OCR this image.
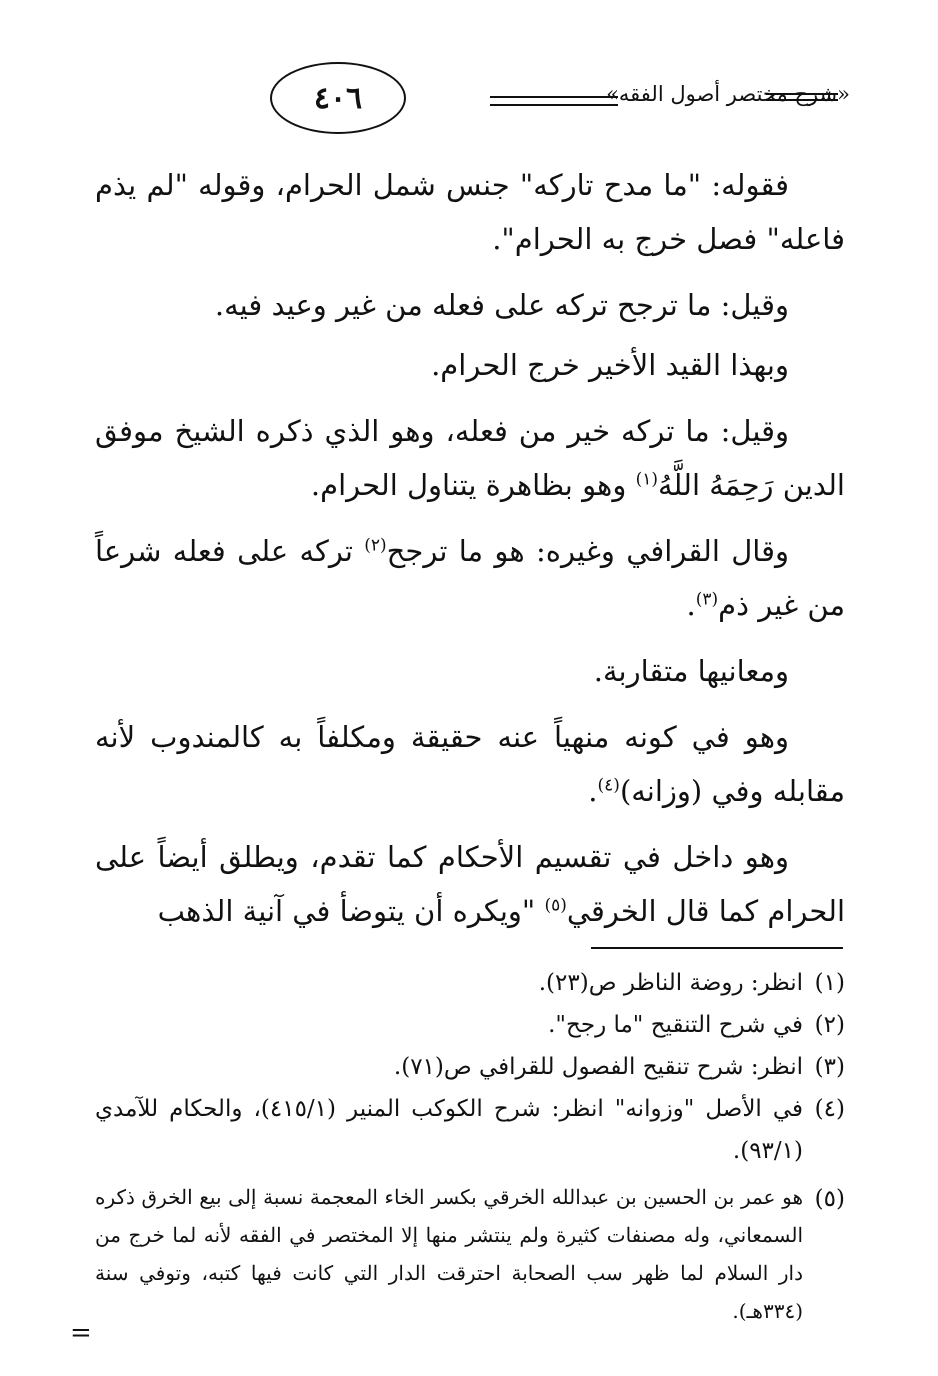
٤٠٦	«شرح مختصر أصول الفقه»

فقوله: "ما مدح تاركه" جنس شمل الحرام، وقوله "لم يذم فاعله" فصل خرج به الحرام".

وقيل: ما ترجح تركه على فعله من غير وعيد فيه.

وبهذا القيد الأخير خرج الحرام.

وقيل: ما تركه خير من فعله، وهو الذي ذكره الشيخ موفق الدين رَحِمَهُ اللَّهُ$^{(١)}$ وهو بظاهرة يتناول الحرام.

وقال القرافي وغيره: هو ما ترجح$^{(٢)}$ تركه على فعله شرعاً من غير ذم$^{(٣)}$.

ومعانيها متقاربة.

وهو في كونه منهياً عنه حقيقة ومكلفاً به كالمندوب لأنه مقابله وفي (وزانه)$^{(٤)}$.

وهو داخل في تقسيم الأحكام كما تقدم، ويطلق أيضاً على الحرام كما قال الخرقي$^{(٥)}$ "ويكره أن يتوضأ في آنية الذهب

(١)
انظر: روضة الناظر ص(٢٣).
(٢)
في شرح التنقيح "ما رجح".
(٣)
انظر: شرح تنقيح الفصول للقرافي ص(٧١).
(٤)
في الأصل "وزوانه" انظر: شرح الكوكب المنير (٤١٥/١)، والحكام للآمدي (٩٣/١).
(٥)
هو عمر بن الحسين بن عبدالله الخرقي بكسر الخاء المعجمة نسبة إلى بيع الخرق ذكره السمعاني، وله مصنفات كثيرة ولم ينتشر منها إلا المختصر في الفقه لأنه لما خرج من دار السلام لما ظهر سب الصحابة احترقت الدار التي كانت فيها كتبه، وتوفي سنة (٣٣٤هـ).
=
